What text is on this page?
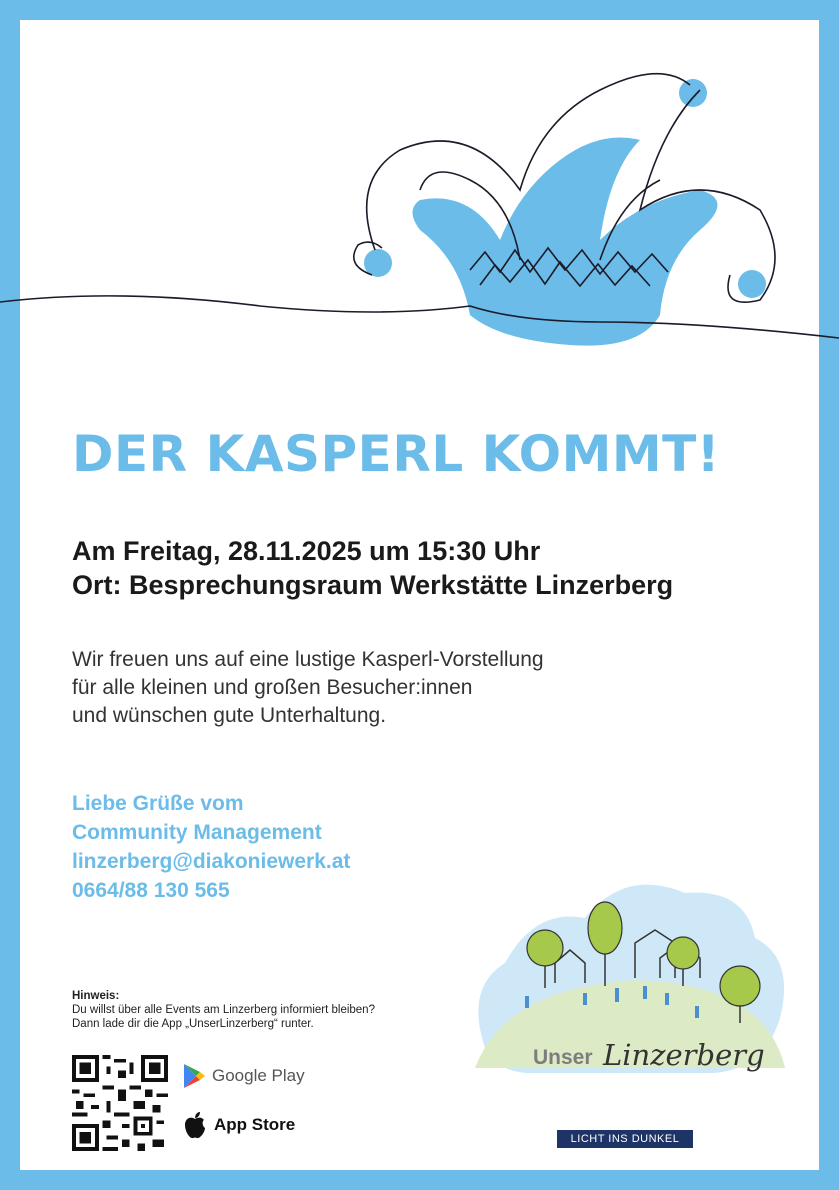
DER KASPERL KOMMT!
Am Freitag, 28.11.2025 um 15:30 Uhr
Ort: Besprechungsraum Werkstätte Linzerberg
Wir freuen uns auf eine lustige Kasperl-Vorstellung
für alle kleinen und großen Besucher:innen
und wünschen gute Unterhaltung.
Liebe Grüße vom
Community Management
linzerberg@diakoniewerk.at
0664/88 130 565
Hinweis:
Du willst über alle Events am Linzerberg informiert bleiben?
Dann lade dir die App „UnserLinzerberg“ runter.
Google Play
App Store
Unser Linzerberg
LICHT INS DUNKEL
